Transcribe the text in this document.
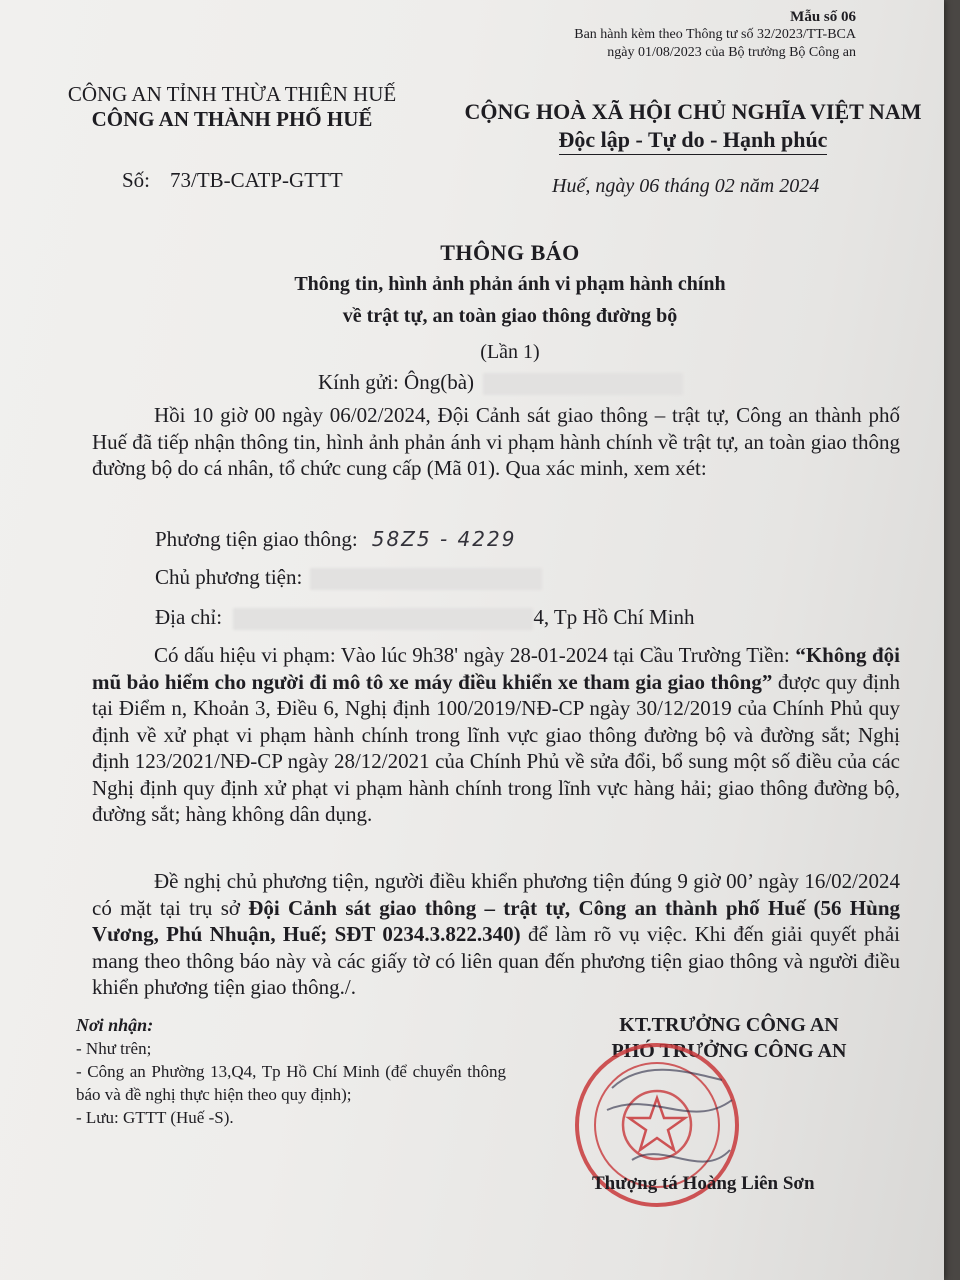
Mẫu số 06
Ban hành kèm theo Thông tư số 32/2023/TT-BCA
ngày 01/08/2023 của Bộ trưởng Bộ Công an
CÔNG AN TỈNH THỪA THIÊN HUẾ
CÔNG AN THÀNH PHỐ HUẾ	CỘNG HOÀ XÃ HỘI CHỦ NGHĨA VIỆT NAM
Độc lập - Tự do - Hạnh phúc
Số: 73/TB-CATP-GTTT	Huế, ngày 06 tháng 02 năm 2024
THÔNG BÁO
Thông tin, hình ảnh phản ánh vi phạm hành chính
về trật tự, an toàn giao thông đường bộ
(Lần 1)
Kính gửi: Ông(bà)
Hồi 10 giờ 00 ngày 06/02/2024, Đội Cảnh sát giao thông – trật tự, Công an thành phố Huế đã tiếp nhận thông tin, hình ảnh phản ánh vi phạm hành chính về trật tự, an toàn giao thông đường bộ do cá nhân, tổ chức cung cấp (Mã 01). Qua xác minh, xem xét:
Phương tiện giao thông: 58Z5 - 4229
Chủ phương tiện:
Địa chỉ:	4, Tp Hồ Chí Minh
Có dấu hiệu vi phạm: Vào lúc 9h38' ngày 28-01-2024 tại Cầu Trường Tiền: “Không đội mũ bảo hiểm cho người đi mô tô xe máy điều khiển xe tham gia giao thông” được quy định tại Điểm n, Khoản 3, Điều 6, Nghị định 100/2019/NĐ-CP ngày 30/12/2019 của Chính Phủ quy định về xử phạt vi phạm hành chính trong lĩnh vực giao thông đường bộ và đường sắt; Nghị định 123/2021/NĐ-CP ngày 28/12/2021 của Chính Phủ về sửa đổi, bổ sung một số điều của các Nghị định quy định xử phạt vi phạm hành chính trong lĩnh vực hàng hải; giao thông đường bộ, đường sắt; hàng không dân dụng.
Đề nghị chủ phương tiện, người điều khiển phương tiện đúng 9 giờ 00’ ngày 16/02/2024 có mặt tại trụ sở Đội Cảnh sát giao thông – trật tự, Công an thành phố Huế (56 Hùng Vương, Phú Nhuận, Huế; SĐT 0234.3.822.340) để làm rõ vụ việc. Khi đến giải quyết phải mang theo thông báo này và các giấy tờ có liên quan đến phương tiện giao thông và người điều khiển phương tiện giao thông./.
Nơi nhận:
- Như trên;
- Công an Phường 13,Q4, Tp Hồ Chí Minh (để chuyển thông báo và đề nghị thực hiện theo quy định);
- Lưu: GTTT (Huế -S).
KT.TRƯỞNG CÔNG AN
PHÓ TRƯỞNG CÔNG AN
Thượng tá Hoàng Liên Sơn
